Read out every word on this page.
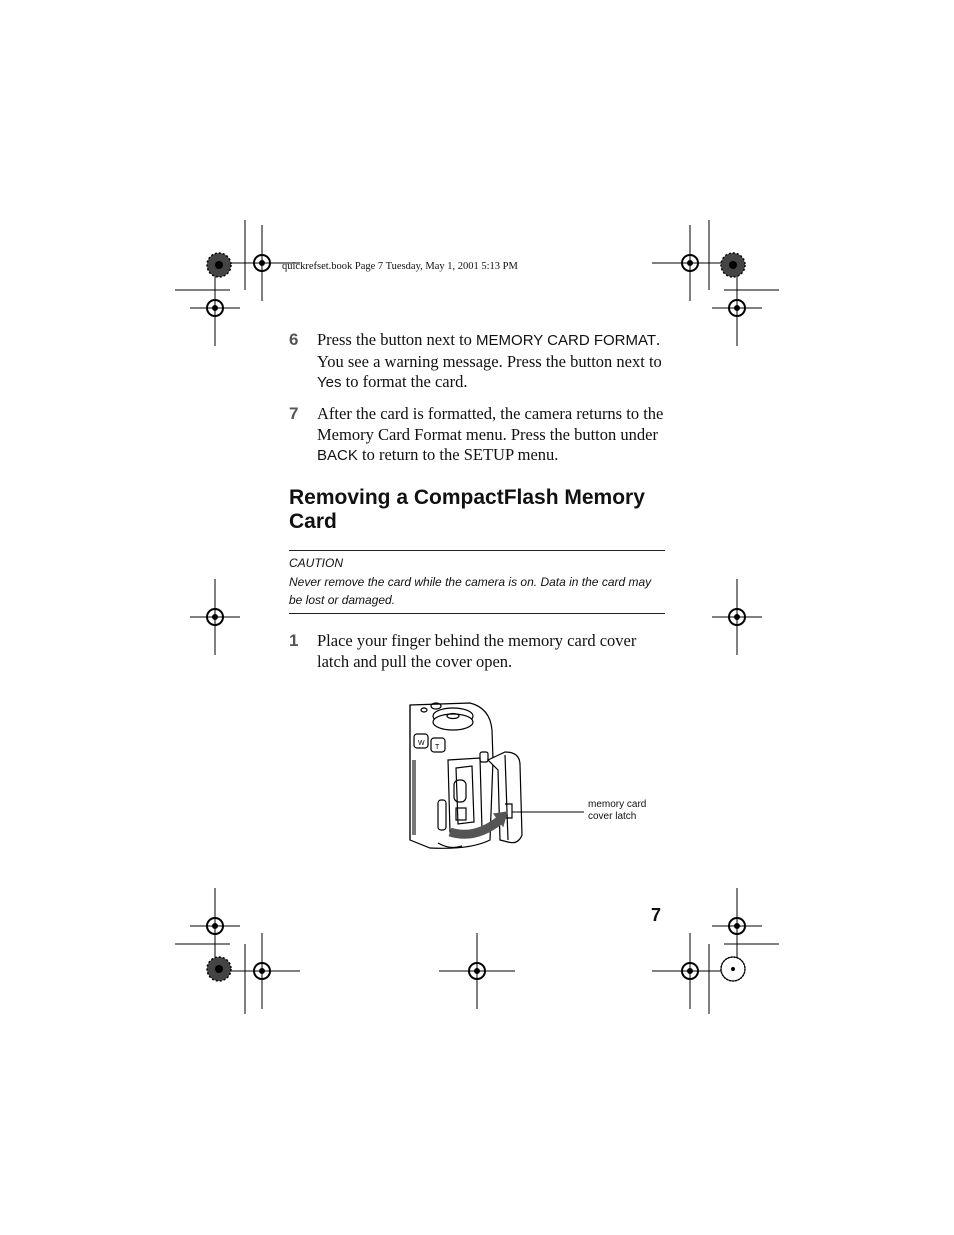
W
T
quickrefset.book Page 7 Tuesday, May 1, 2001 5:13 PM
6 Press the button next to MEMORY CARD FORMAT. You see a warning message. Press the button next to Yes to format the card.
7 After the card is formatted, the camera returns to the Memory Card Format menu. Press the button under BACK to return to the SETUP menu.
Removing a CompactFlash Memory Card
CAUTION
Never remove the card while the camera is on. Data in the card may be lost or damaged.
1 Place your finger behind the memory card cover latch and pull the cover open.
memory card
cover latch
7
